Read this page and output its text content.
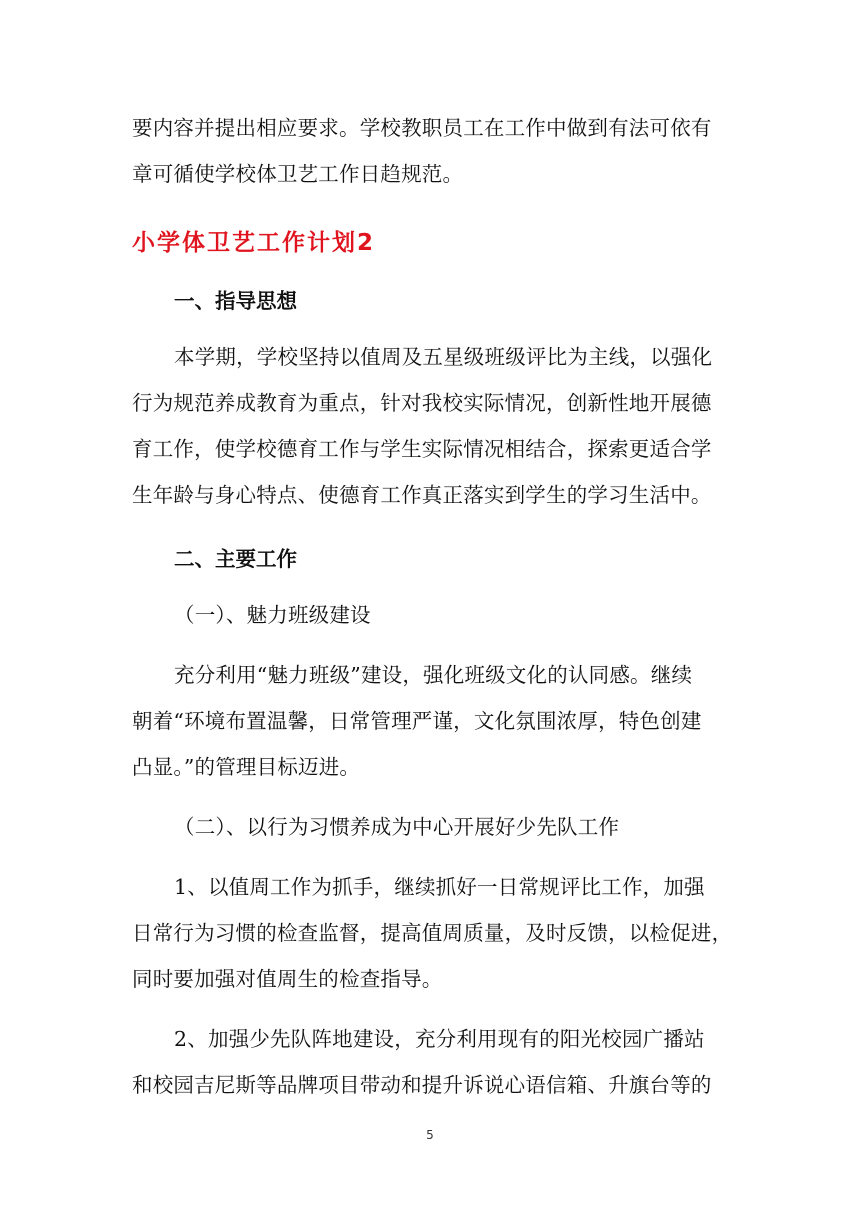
要内容并提出相应要求。学校教职员工在工作中做到有法可依有
章可循使学校体卫艺工作日趋规范。
小学体卫艺工作计划2
一、指导思想
本学期，学校坚持以值周及五星级班级评比为主线，以强化
行为规范养成教育为重点，针对我校实际情况，创新性地开展德
育工作，使学校德育工作与学生实际情况相结合，探索更适合学
生年龄与身心特点、使德育工作真正落实到学生的学习生活中。
二、主要工作
（一）、魅力班级建设
充分利用“魅力班级”建设，强化班级文化的认同感。继续
朝着“环境布置温馨，日常管理严谨，文化氛围浓厚，特色创建
凸显。”的管理目标迈进。
（二）、以行为习惯养成为中心开展好少先队工作
1、以值周工作为抓手，继续抓好一日常规评比工作，加强
日常行为习惯的检查监督，提高值周质量，及时反馈，以检促进，
同时要加强对值周生的检查指导。
2、加强少先队阵地建设，充分利用现有的阳光校园广播站
和校园吉尼斯等品牌项目带动和提升诉说心语信箱、升旗台等的
5
